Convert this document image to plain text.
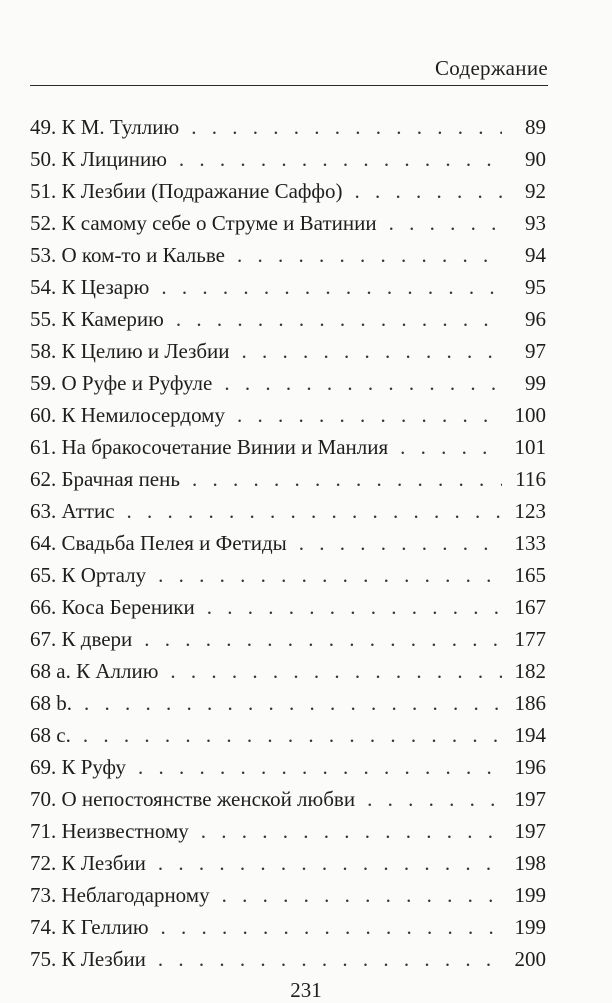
Содержание
49. К М. Туллию . . .	89
50. К Лицинию . . .	90
51. К Лезбии (Подражание Саффо) . . .	92
52. К самому себе о Струме и Ватинии . . .	93
53. О ком-то и Кальве . . .	94
54. К Цезарю . . .	95
55. К Камерию . . .	96
58. К Целию и Лезбии . . .	97
59. О Руфе и Руфуле . . .	99
60. К Немилосердому . . .	100
61. На бракосочетание Винии и Манлия . . .	101
62. Брачная пень . . .	116
63. Аттис . . .	123
64. Свадьба Пелея и Фетиды . . .	133
65. К Орталу . . .	165
66. Коса Береники . . .	167
67. К двери . . .	177
68 a. К Аллию . . .	182
68 b. . . .	186
68 c. . . .	194
69. К Руфу . . .	196
70. О непостоянстве женской любви . . .	197
71. Неизвестному . . .	197
72. К Лезбии . . .	198
73. Неблагодарному . . .	199
74. К Геллию . . .	199
75. К Лезбии . . .	200
231
